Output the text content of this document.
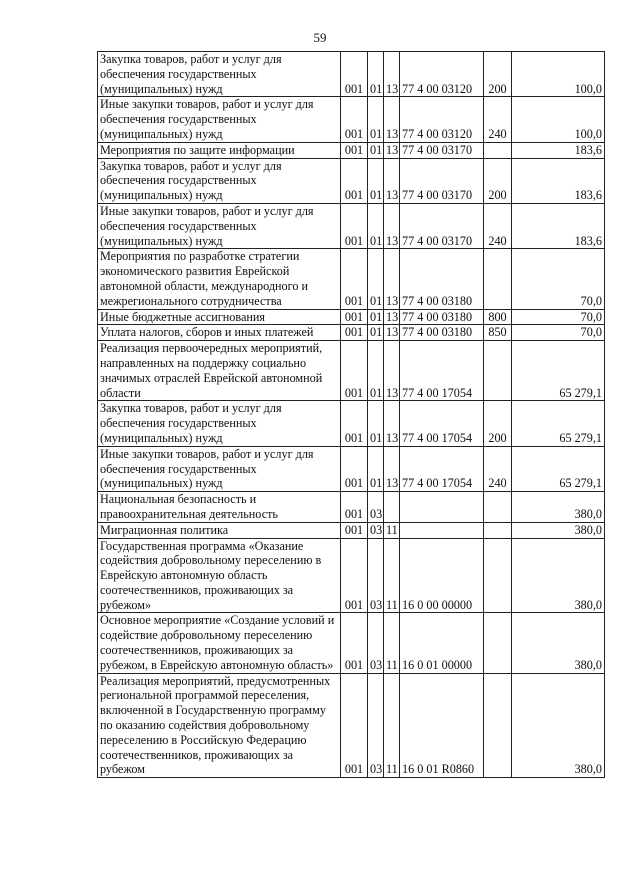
59
Закупка товаров, работ и услуг для обеспечения государственных (муниципальных) нужд	001	01	13	77 4 00 03120	200	100,0
Иные закупки товаров, работ и услуг для обеспечения государственных (муниципальных) нужд	001	01	13	77 4 00 03120	240	100,0
Мероприятия по защите информации	001	01	13	77 4 00 03170		183,6
Закупка товаров, работ и услуг для обеспечения государственных (муниципальных) нужд	001	01	13	77 4 00 03170	200	183,6
Иные закупки товаров, работ и услуг для обеспечения государственных (муниципальных) нужд	001	01	13	77 4 00 03170	240	183,6
Мероприятия по разработке стратегии экономического развития Еврейской автономной области, международного и межрегионального сотрудничества	001	01	13	77 4 00 03180		70,0
Иные бюджетные ассигнования	001	01	13	77 4 00 03180	800	70,0
Уплата налогов, сборов и иных платежей	001	01	13	77 4 00 03180	850	70,0
Реализация первоочередных мероприятий, направленных на поддержку социально значимых отраслей Еврейской автономной области	001	01	13	77 4 00 17054		65 279,1
Закупка товаров, работ и услуг для обеспечения государственных (муниципальных) нужд	001	01	13	77 4 00 17054	200	65 279,1
Иные закупки товаров, работ и услуг для обеспечения государственных (муниципальных) нужд	001	01	13	77 4 00 17054	240	65 279,1
Национальная безопасность и правоохранительная деятельность	001	03				380,0
Миграционная политика	001	03	11			380,0
Государственная программа «Оказание содействия добровольному переселению в Еврейскую автономную область соотечественников, проживающих за рубежом»	001	03	11	16 0 00 00000		380,0
Основное мероприятие «Создание условий и содействие добровольному переселению соотечественников, проживающих за рубежом, в Еврейскую автономную область»	001	03	11	16 0 01 00000		380,0
Реализация мероприятий, предусмотренных региональной программой переселения, включенной в Государственную программу по оказанию содействия добровольному переселению в Российскую Федерацию соотечественников, проживающих за рубежом	001	03	11	16 0 01 R0860		380,0
